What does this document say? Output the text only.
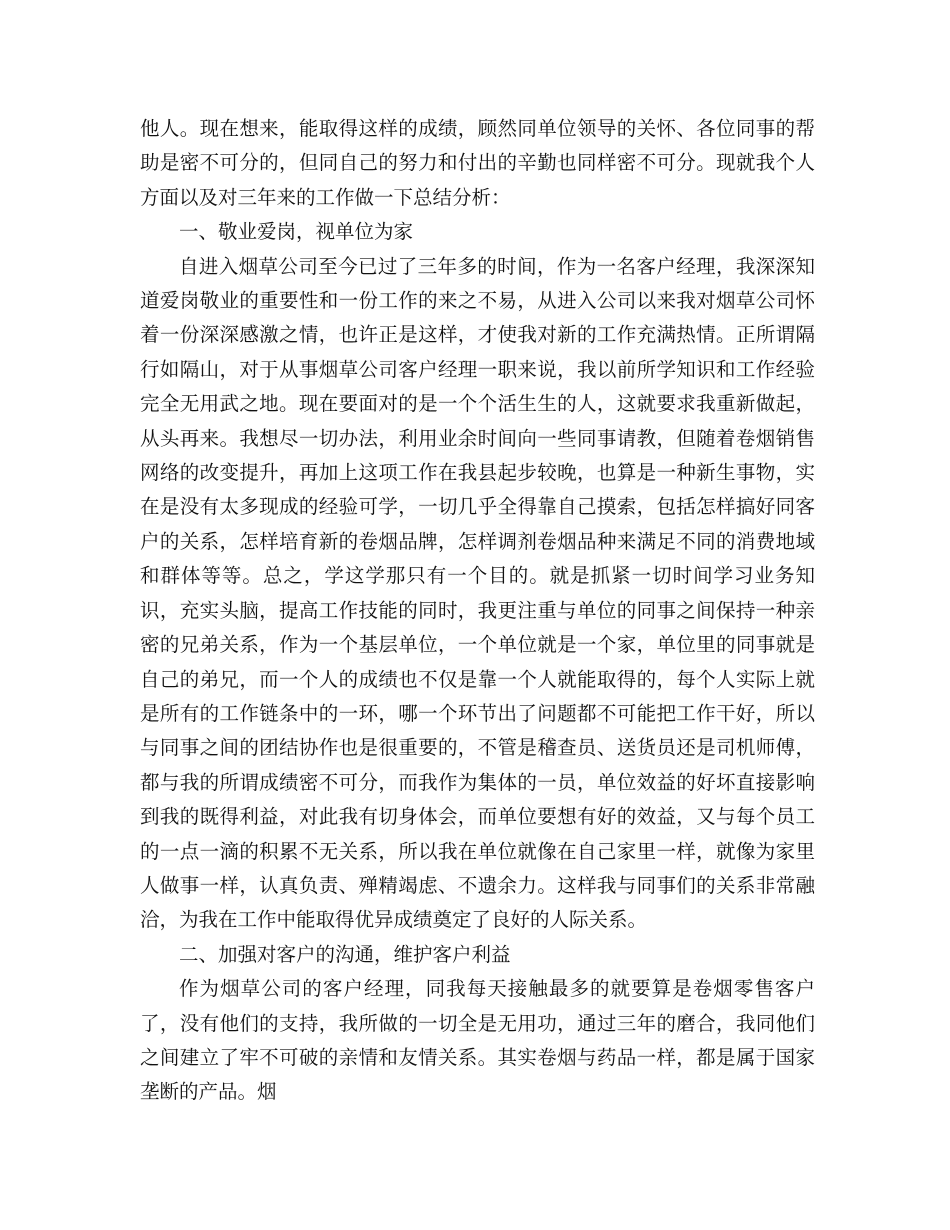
他人。现在想来，能取得这样的成绩，顾然同单位领导的关怀、各位同事的帮助是密不可分的，但同自己的努力和付出的辛勤也同样密不可分。现就我个人方面以及对三年来的工作做一下总结分析：

一、敬业爱岗，视单位为家

自进入烟草公司至今已过了三年多的时间，作为一名客户经理，我深深知道爱岗敬业的重要性和一份工作的来之不易，从进入公司以来我对烟草公司怀着一份深深感激之情，也许正是这样，才使我对新的工作充满热情。正所谓隔行如隔山，对于从事烟草公司客户经理一职来说，我以前所学知识和工作经验完全无用武之地。现在要面对的是一个个活生生的人，这就要求我重新做起，从头再来。我想尽一切办法，利用业余时间向一些同事请教，但随着卷烟销售网络的改变提升，再加上这项工作在我县起步较晚，也算是一种新生事物，实在是没有太多现成的经验可学，一切几乎全得靠自己摸索，包括怎样搞好同客户的关系，怎样培育新的卷烟品牌，怎样调剂卷烟品种来满足不同的消费地域和群体等等。总之，学这学那只有一个目的。就是抓紧一切时间学习业务知识，充实头脑，提高工作技能的同时，我更注重与单位的同事之间保持一种亲密的兄弟关系，作为一个基层单位，一个单位就是一个家，单位里的同事就是自己的弟兄，而一个人的成绩也不仅是靠一个人就能取得的，每个人实际上就是所有的工作链条中的一环，哪一个环节出了问题都不可能把工作干好，所以与同事之间的团结协作也是很重要的，不管是稽查员、送货员还是司机师傅，都与我的所谓成绩密不可分，而我作为集体的一员，单位效益的好坏直接影响到我的既得利益，对此我有切身体会，而单位要想有好的效益，又与每个员工的一点一滴的积累不无关系，所以我在单位就像在自己家里一样，就像为家里人做事一样，认真负责、殚精竭虑、不遗余力。这样我与同事们的关系非常融洽，为我在工作中能取得优异成绩奠定了良好的人际关系。

二、加强对客户的沟通，维护客户利益

作为烟草公司的客户经理，同我每天接触最多的就要算是卷烟零售客户了，没有他们的支持，我所做的一切全是无用功，通过三年的磨合，我同他们之间建立了牢不可破的亲情和友情关系。其实卷烟与药品一样，都是属于国家垄断的产品。烟
